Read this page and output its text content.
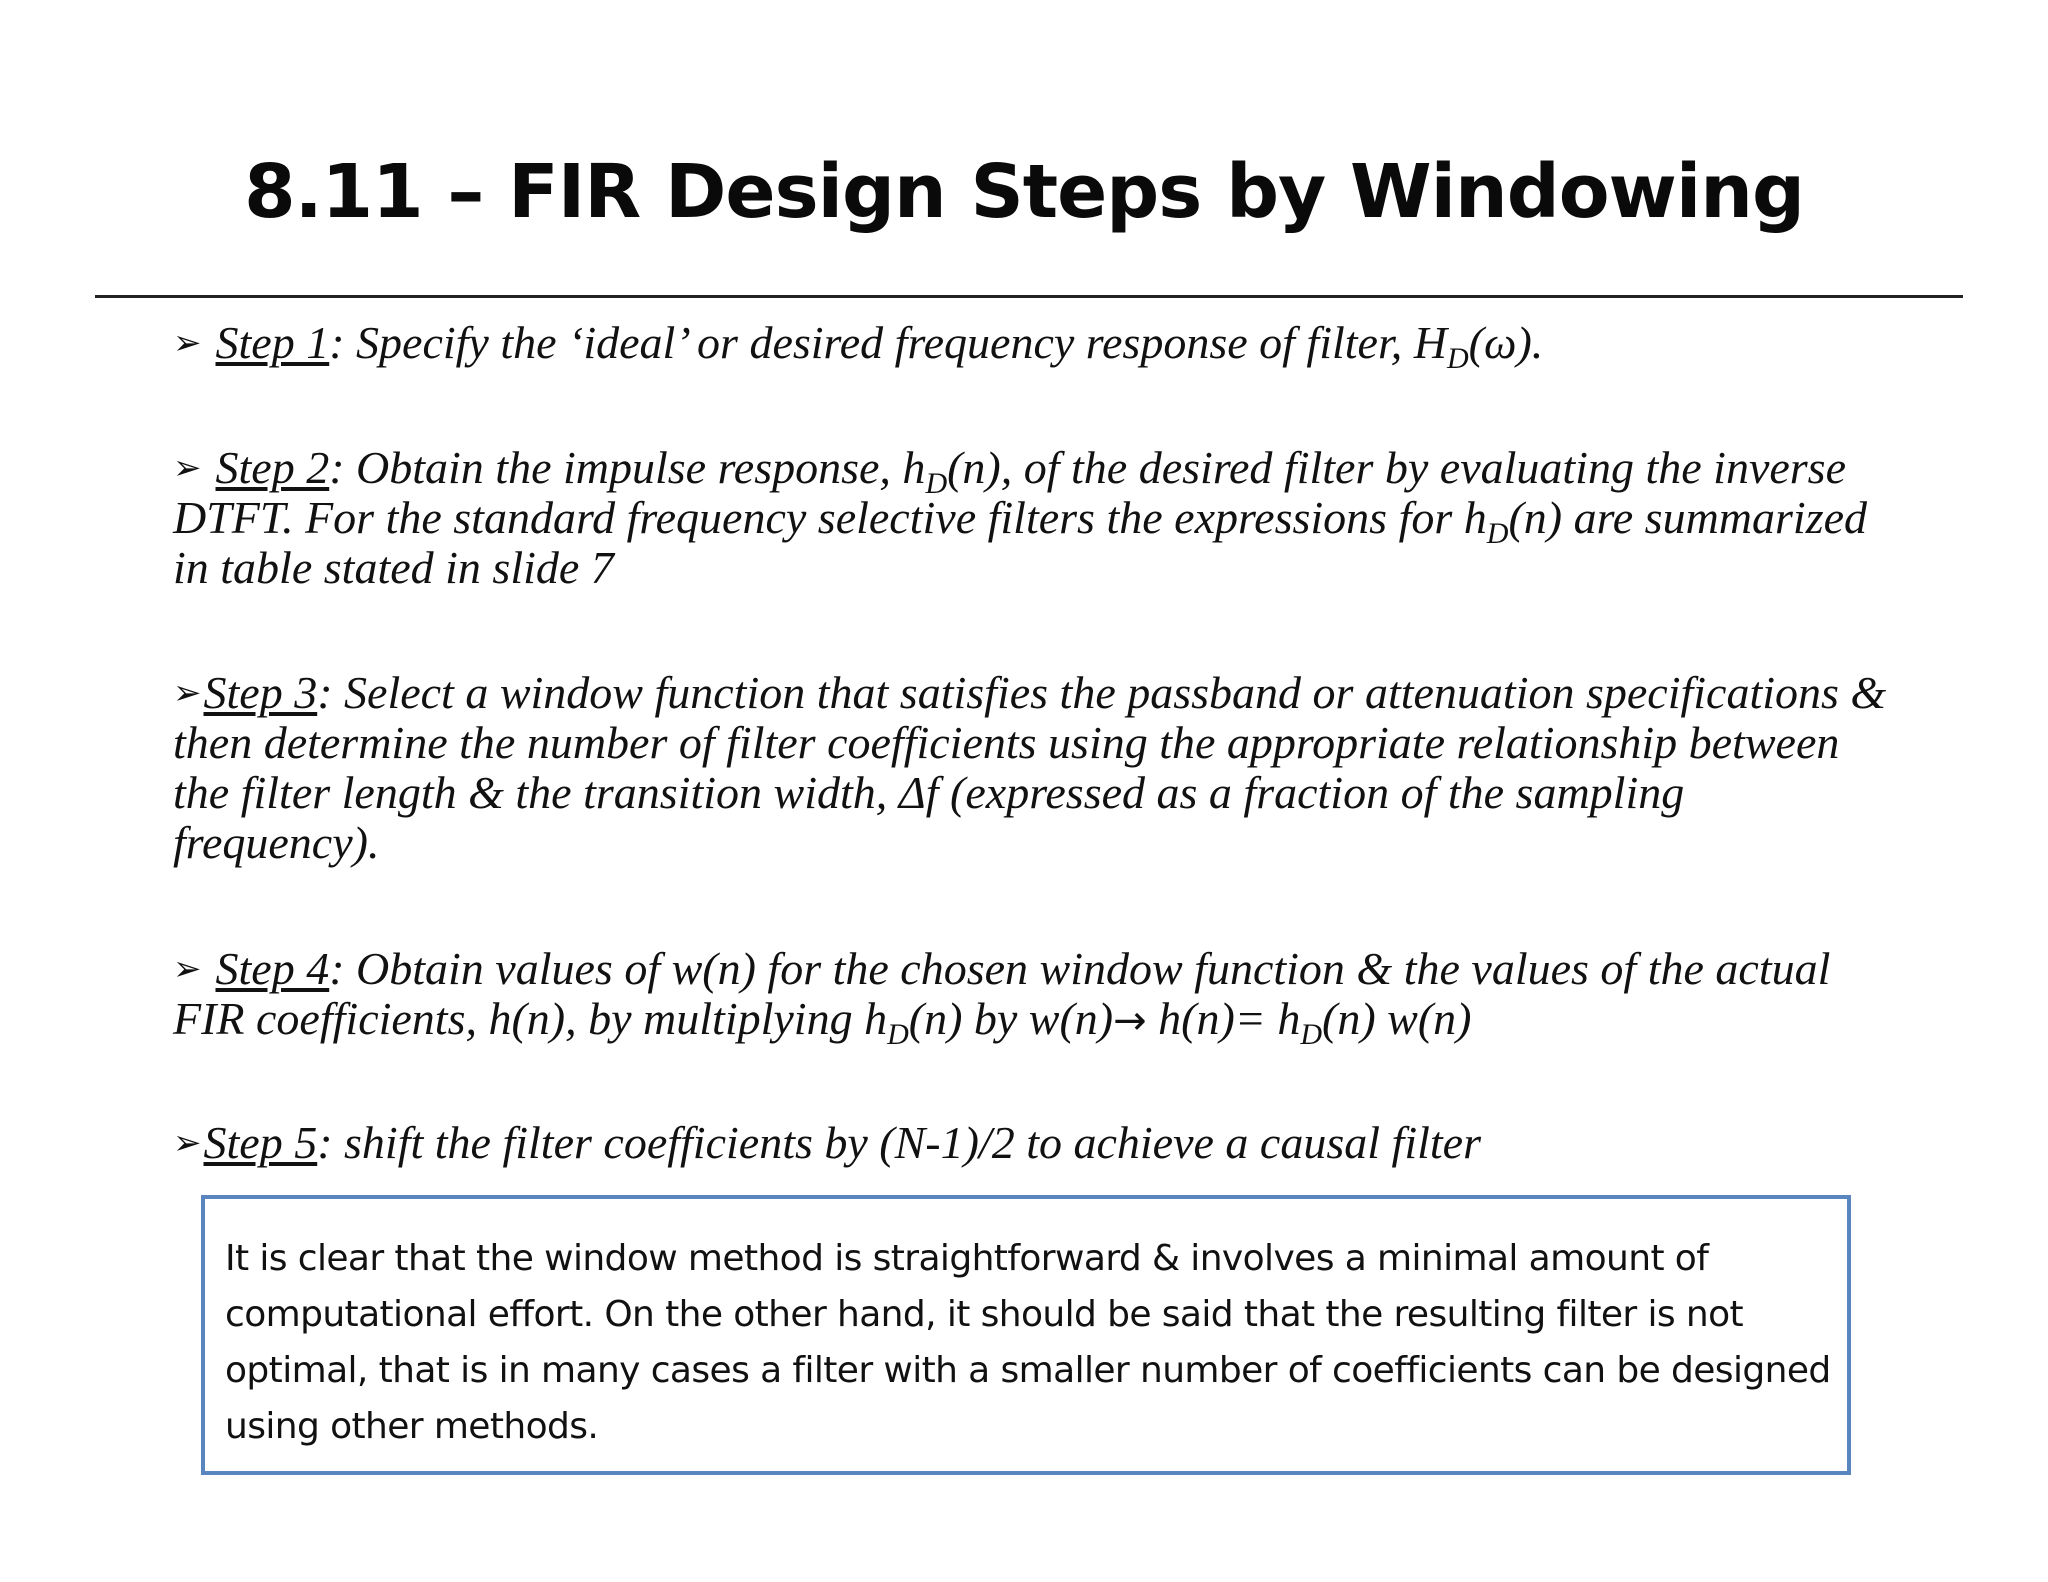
8.11 – FIR Design Steps by Windowing
➢ Step 1: Specify the ‘ideal’ or desired frequency response of filter, $H_D(\omega)$.
➢ Step 2: Obtain the impulse response, $h_D(n)$, of the desired filter by evaluating the inverse DTFT. For the standard frequency selective filters the expressions for $h_D(n)$ are summarized in table stated in slide 7
➢Step 3: Select a window function that satisfies the passband or attenuation specifications & then determine the number of filter coefficients using the appropriate relationship between the filter length & the transition width, Δf (expressed as a fraction of the sampling frequency).
➢ Step 4: Obtain values of w(n) for the chosen window function & the values of the actual FIR coefficients, h(n), by multiplying $h_D(n)$ by $w(n)\to h(n)= h_D(n)$ w(n)
➢Step 5: shift the filter coefficients by (N-1)/2 to achieve a causal filter
It is clear that the window method is straightforward & involves a minimal amount of computational effort. On the other hand, it should be said that the resulting filter is not optimal, that is in many cases a filter with a smaller number of coefficients can be designed using other methods.
